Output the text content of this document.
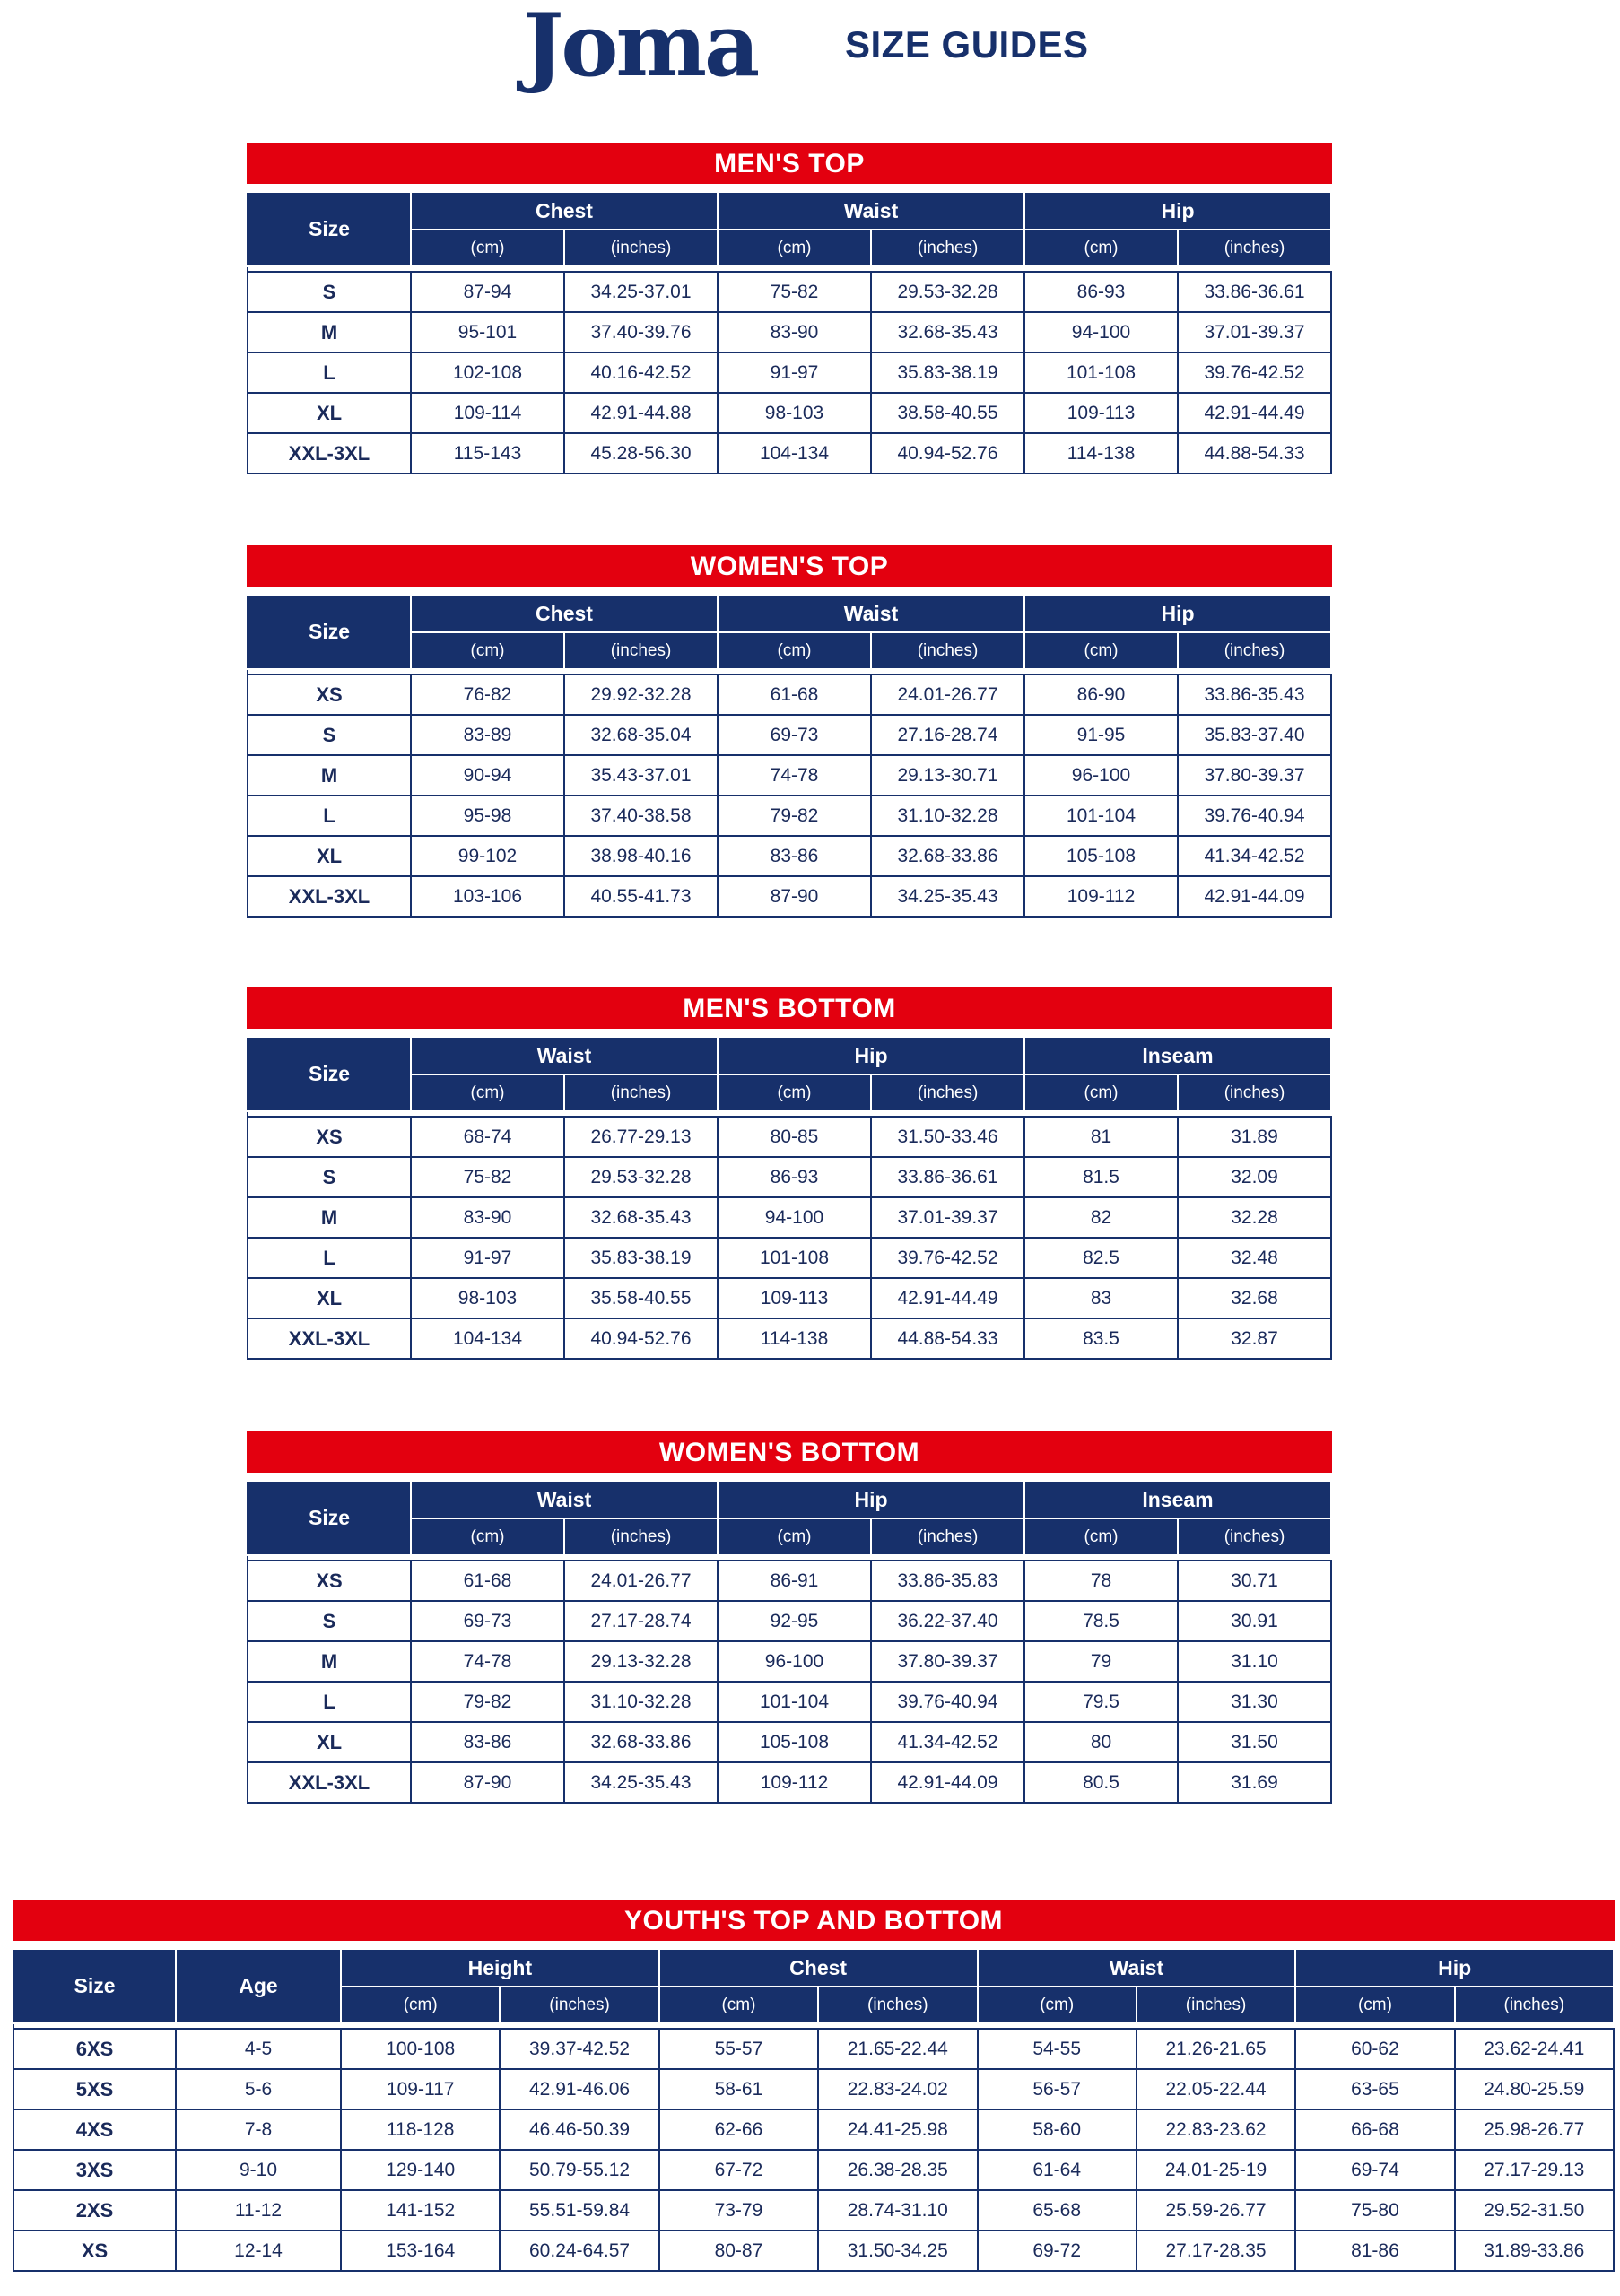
Joma SIZE GUIDES
MEN'S TOP
Size	Chest		Waist		Hip	
	(cm)	(inches)	(cm)	(inches)	(cm)	(inches)

S	87-94	34.25-37.01	75-82	29.53-32.28	86-93	33.86-36.61
M	95-101	37.40-39.76	83-90	32.68-35.43	94-100	37.01-39.37
L	102-108	40.16-42.52	91-97	35.83-38.19	101-108	39.76-42.52
XL	109-114	42.91-44.88	98-103	38.58-40.55	109-113	42.91-44.49
XXL-3XL	115-143	45.28-56.30	104-134	40.94-52.76	114-138	44.88-54.33
WOMEN'S TOP
Size	Chest		Waist		Hip	
	(cm)	(inches)	(cm)	(inches)	(cm)	(inches)

XS	76-82	29.92-32.28	61-68	24.01-26.77	86-90	33.86-35.43
S	83-89	32.68-35.04	69-73	27.16-28.74	91-95	35.83-37.40
M	90-94	35.43-37.01	74-78	29.13-30.71	96-100	37.80-39.37
L	95-98	37.40-38.58	79-82	31.10-32.28	101-104	39.76-40.94
XL	99-102	38.98-40.16	83-86	32.68-33.86	105-108	41.34-42.52
XXL-3XL	103-106	40.55-41.73	87-90	34.25-35.43	109-112	42.91-44.09
MEN'S BOTTOM
Size	Waist		Hip		Inseam	
	(cm)	(inches)	(cm)	(inches)	(cm)	(inches)

XS	68-74	26.77-29.13	80-85	31.50-33.46	81	31.89
S	75-82	29.53-32.28	86-93	33.86-36.61	81.5	32.09
M	83-90	32.68-35.43	94-100	37.01-39.37	82	32.28
L	91-97	35.83-38.19	101-108	39.76-42.52	82.5	32.48
XL	98-103	35.58-40.55	109-113	42.91-44.49	83	32.68
XXL-3XL	104-134	40.94-52.76	114-138	44.88-54.33	83.5	32.87
WOMEN'S BOTTOM
Size	Waist		Hip		Inseam	
	(cm)	(inches)	(cm)	(inches)	(cm)	(inches)

XS	61-68	24.01-26.77	86-91	33.86-35.83	78	30.71
S	69-73	27.17-28.74	92-95	36.22-37.40	78.5	30.91
M	74-78	29.13-32.28	96-100	37.80-39.37	79	31.10
L	79-82	31.10-32.28	101-104	39.76-40.94	79.5	31.30
XL	83-86	32.68-33.86	105-108	41.34-42.52	80	31.50
XXL-3XL	87-90	34.25-35.43	109-112	42.91-44.09	80.5	31.69
YOUTH'S TOP AND BOTTOM
Size	Age	Height		Chest		Waist		Hip	
		(cm)	(inches)	(cm)	(inches)	(cm)	(inches)	(cm)	(inches)

6XS	4-5	100-108	39.37-42.52	55-57	21.65-22.44	54-55	21.26-21.65	60-62	23.62-24.41
5XS	5-6	109-117	42.91-46.06	58-61	22.83-24.02	56-57	22.05-22.44	63-65	24.80-25.59
4XS	7-8	118-128	46.46-50.39	62-66	24.41-25.98	58-60	22.83-23.62	66-68	25.98-26.77
3XS	9-10	129-140	50.79-55.12	67-72	26.38-28.35	61-64	24.01-25-19	69-74	27.17-29.13
2XS	11-12	141-152	55.51-59.84	73-79	28.74-31.10	65-68	25.59-26.77	75-80	29.52-31.50
XS	12-14	153-164	60.24-64.57	80-87	31.50-34.25	69-72	27.17-28.35	81-86	31.89-33.86
